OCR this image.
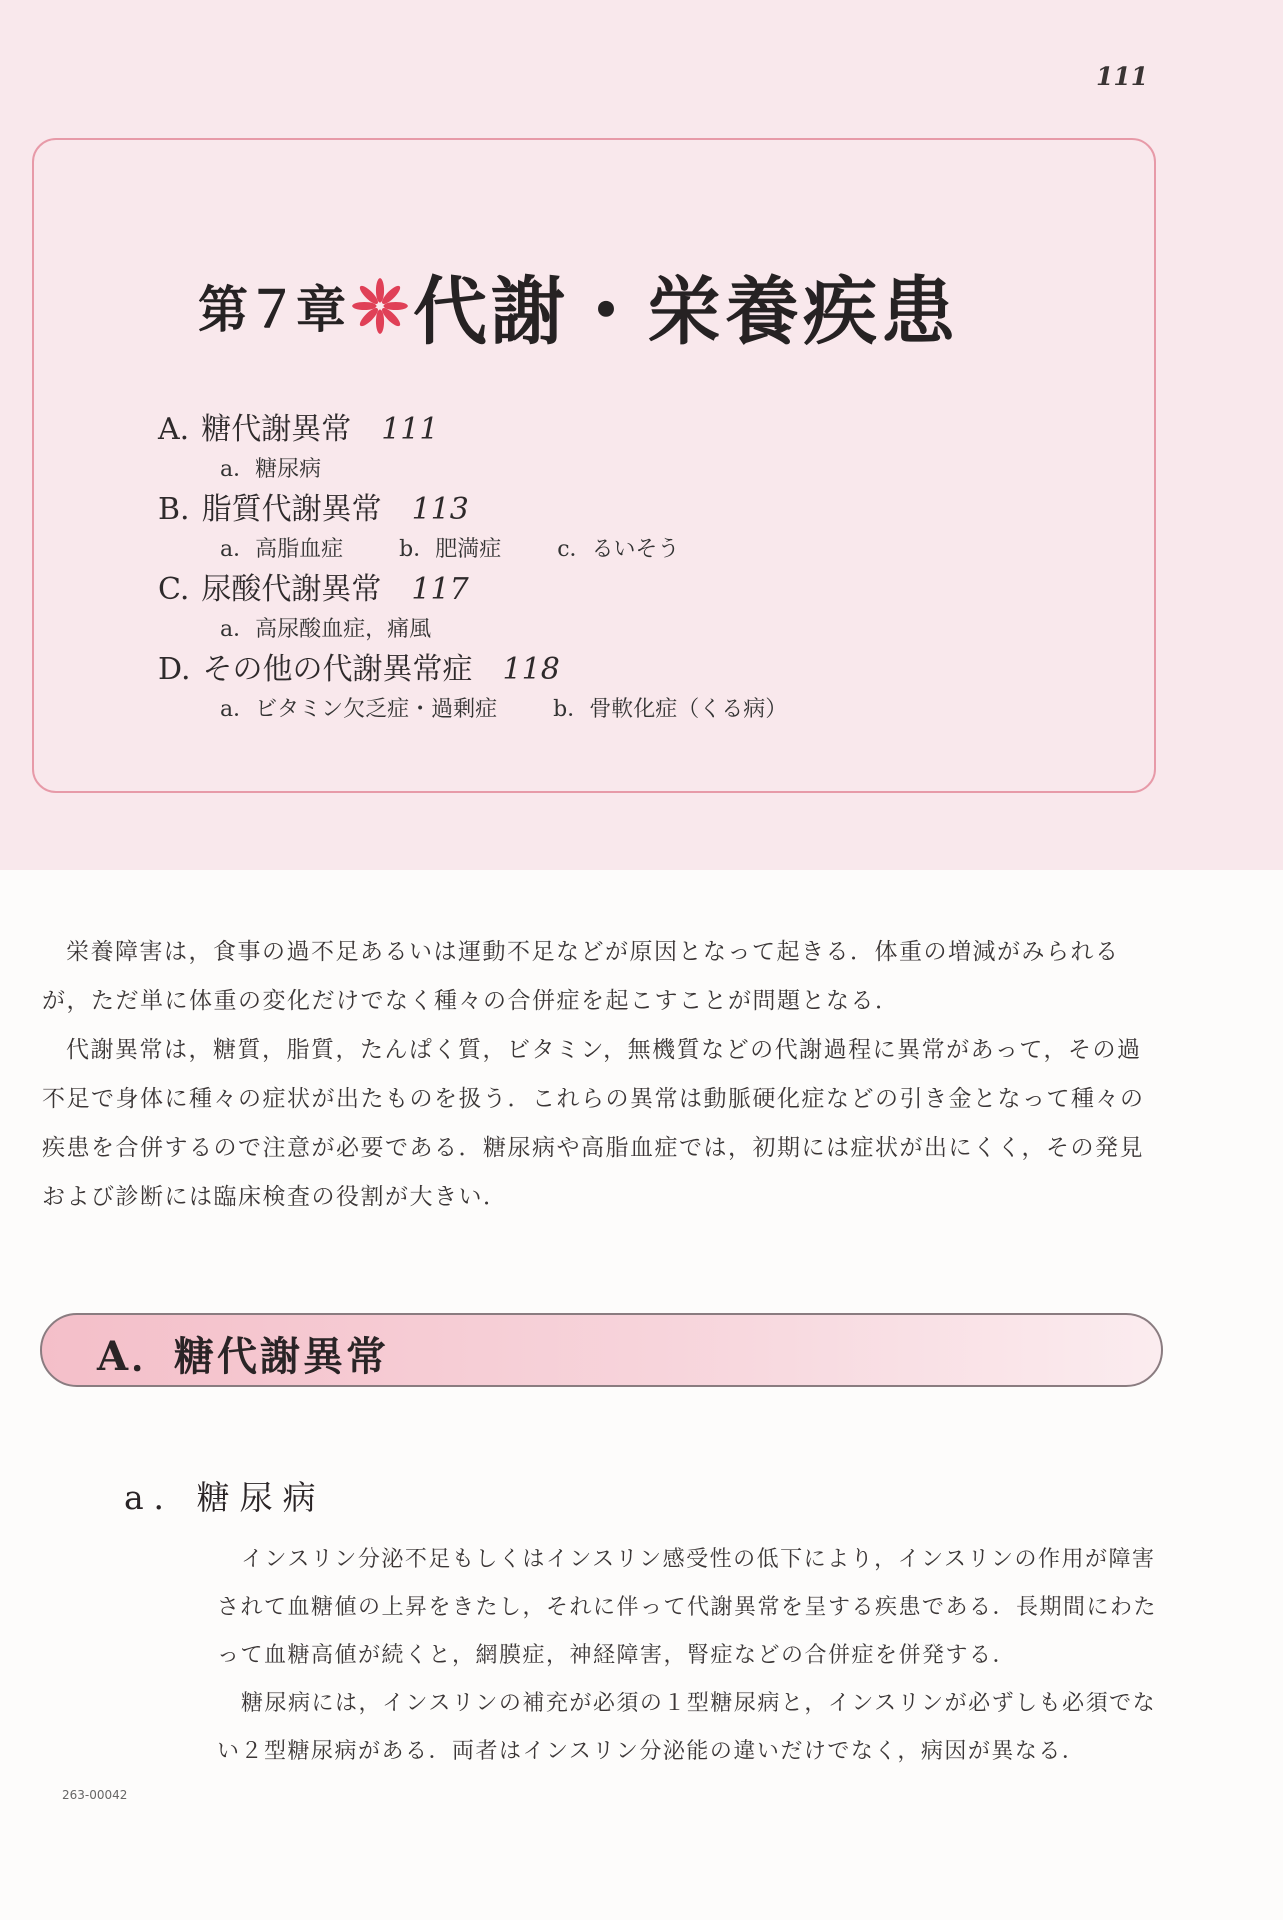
111
第７章 代謝・栄養疾患
A. 糖代謝異常 111
a．糖尿病
B. 脂質代謝異常 113
a．高脂血症	b．肥満症	c．るいそう
C. 尿酸代謝異常 117
a．高尿酸血症，痛風
D. その他の代謝異常症 118
a．ビタミン欠乏症・過剰症	b．骨軟化症（くる病）

栄養障害は，食事の過不足あるいは運動不足などが原因となって起きる．体重の増減がみられるが，ただ単に体重の変化だけでなく種々の合併症を起こすことが問題となる．

代謝異常は，糖質，脂質，たんぱく質，ビタミン，無機質などの代謝過程に異常があって，その過不足で身体に種々の症状が出たものを扱う．これらの異常は動脈硬化症などの引き金となって種々の疾患を合併するので注意が必要である．糖尿病や高脂血症では，初期には症状が出にくく，その発見および診断には臨床検査の役割が大きい．

A．糖代謝異常
a．糖尿病

インスリン分泌不足もしくはインスリン感受性の低下により，インスリンの作用が障害されて血糖値の上昇をきたし，それに伴って代謝異常を呈する疾患である．長期間にわたって血糖高値が続くと，網膜症，神経障害，腎症などの合併症を併発する．

糖尿病には，インスリンの補充が必須の１型糖尿病と，インスリンが必ずしも必須でない２型糖尿病がある．両者はインスリン分泌能の違いだけでなく，病因が異なる．

263-00042
